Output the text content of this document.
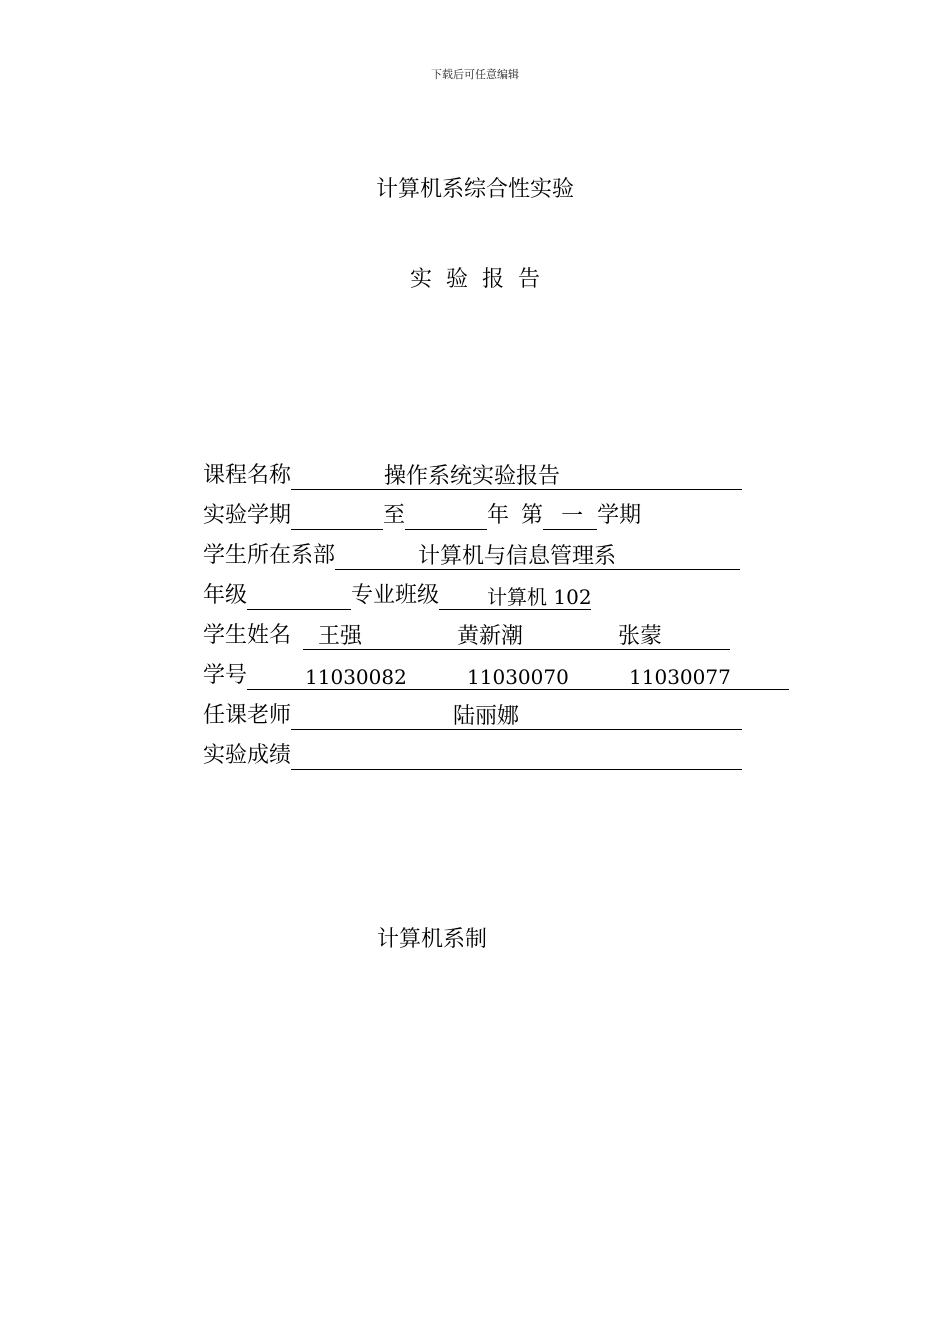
下载后可任意编辑
计算机系综合性实验
实验报告
课程名称	操作系统实验报告
实验学期	至	年 第 一 学期
学生所在系部	计算机与信息管理系
年级	专业班级 计算机 102
学生姓名 王强	黄新潮	张蒙
学号	11030082	11030070	11030077
任课老师	陆丽娜
实验成绩
计算机系制
